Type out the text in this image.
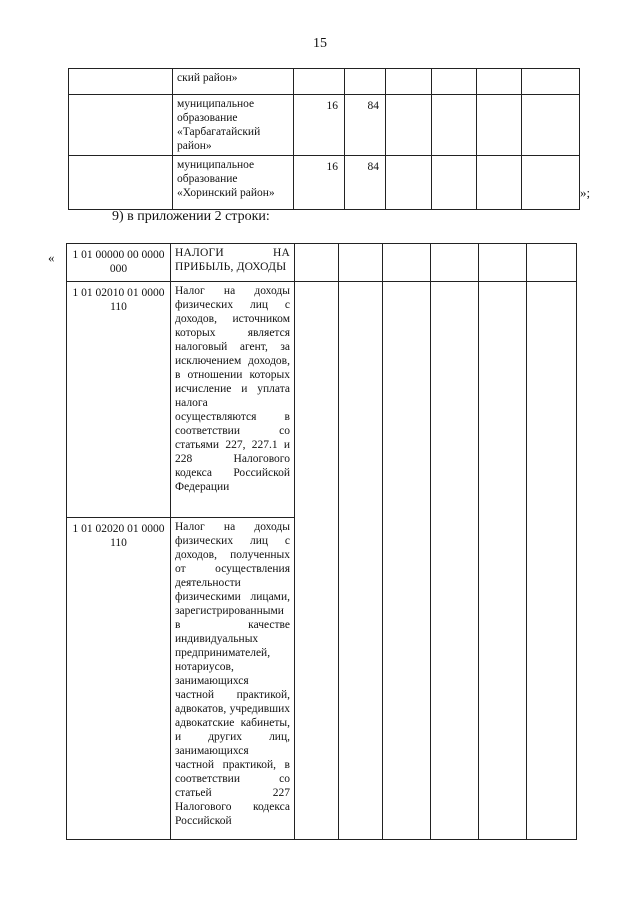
15
	ский район»						
	муниципальное образование «Тарбагатайский район»	16	84				
	муниципальное образование «Хоринский район»	16	84				
»;
9) в приложении 2 строки:
« 1 01 00000 00 0000 000	НАЛОГИ НА ПРИБЫЛЬ, ДОХОДЫ						
1 01 02010 01 0000 110	Налог на доходы физических лиц с доходов, источником которых является налоговый агент, за исключением доходов, в отношении которых исчисление и уплата налога осуществляются в соответствии со статьями 227, 227.1 и 228 Налогового кодекса Российской Федерации						
1 01 02020 01 0000 110	Налог на доходы физических лиц с доходов, полученных от осуществления деятельности физическими лицами, зарегистрированными в качестве индивидуальных предпринимателей, нотариусов, занимающихся частной практикой, адвокатов, учредивших адвокатские кабинеты, и других лиц, занимающихся частной практикой, в соответствии со статьей 227 Налогового кодекса Российской						
